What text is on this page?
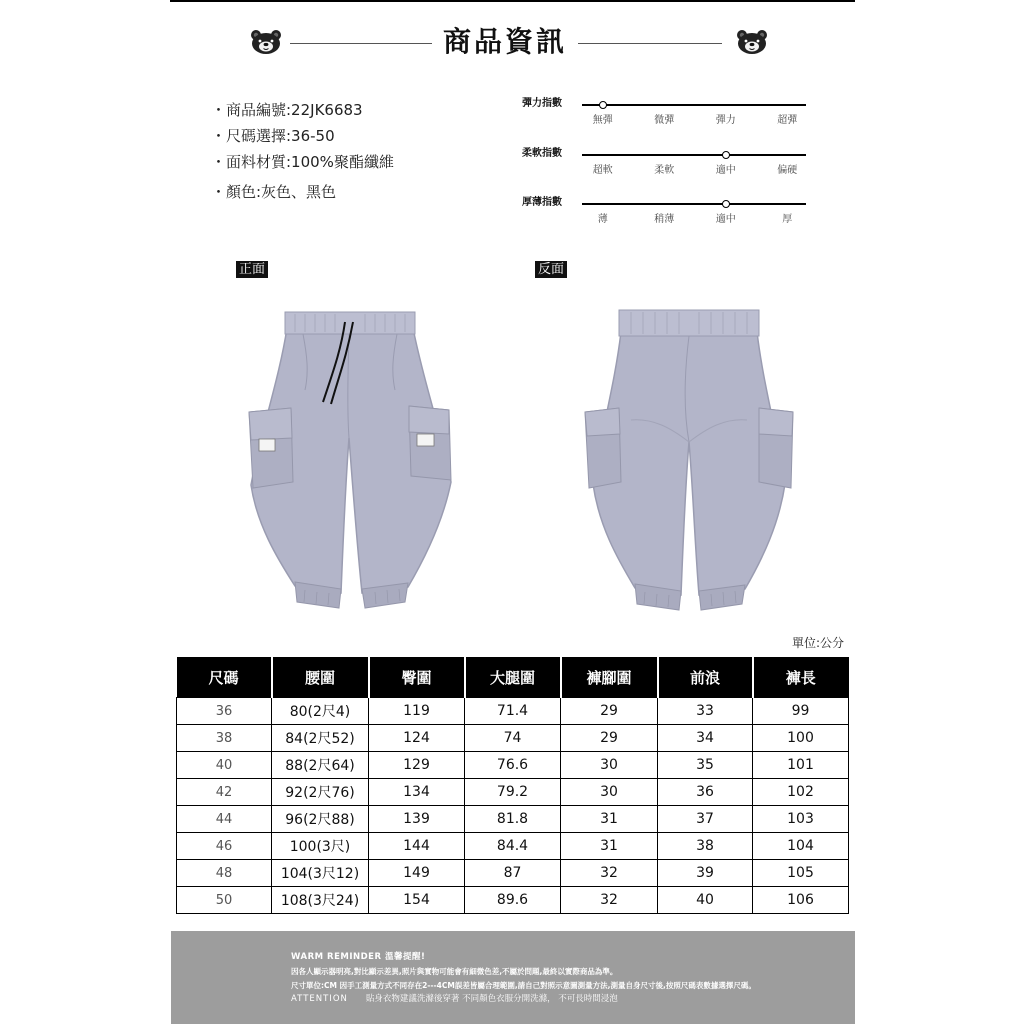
商品資訊
・商品編號:22JK6683
・尺碼選擇:36-50
・面料材質:100%聚酯纖維
・顏色:灰色、黑色
彈力指數
無彈	微彈	彈力	超彈
柔軟指數
超軟	柔軟	適中	偏硬
厚薄指數
薄	稍薄	適中	厚
正面	反面
單位:公分
尺碼	腰圍	臀圍	大腿圍	褲腳圍	前浪	褲長
36	80(2尺4)	119	71.4	29	33	99
38	84(2尺52)	124	74	29	34	100
40	88(2尺64)	129	76.6	30	35	101
42	92(2尺76)	134	79.2	30	36	102
44	96(2尺88)	139	81.8	31	37	103
46	100(3尺)	144	84.4	31	38	104
48	104(3尺12)	149	87	32	39	105
50	108(3尺24)	154	89.6	32	40	106
WARM REMINDER 溫馨提醒!
因各人顯示器明亮,對比顯示差異,照片與實物可能會有細微色差,不屬於問題,最終以實際商品為準。
尺寸單位:CM 因手工測量方式不同存在2---4CM誤差皆屬合理範圍,請自己對照示意圖測量方法,測量自身尺寸後,按照尺碼表數據選擇尺碼。
ATTENTION 貼身衣物建議洗滌後穿著 不同顏色衣服分開洗滌， 不可長時間浸泡
